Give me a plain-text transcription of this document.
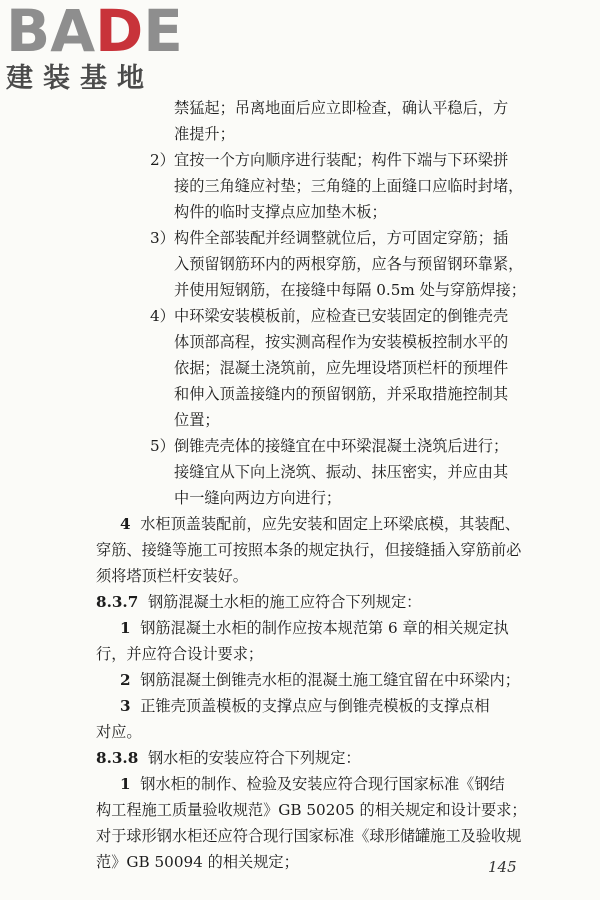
BADE
建装基地
禁猛起；吊离地面后应立即检查，确认平稳后，方
准提升；
2）宜按一个方向顺序进行装配；构件下端与下环梁拼
接的三角缝应衬垫；三角缝的上面缝口应临时封堵，
构件的临时支撑点应加垫木板；
3）构件全部装配并经调整就位后，方可固定穿筋；插
入预留钢筋环内的两根穿筋，应各与预留钢环靠紧，
并使用短钢筋，在接缝中每隔 0.5m 处与穿筋焊接；
4）中环梁安装模板前，应检查已安装固定的倒锥壳壳
体顶部高程，按实测高程作为安装模板控制水平的
依据；混凝土浇筑前，应先埋设塔顶栏杆的预埋件
和伸入顶盖接缝内的预留钢筋，并采取措施控制其
位置；
5）倒锥壳壳体的接缝宜在中环梁混凝土浇筑后进行；
接缝宜从下向上浇筑、振动、抹压密实，并应由其
中一缝向两边方向进行；
4 水柜顶盖装配前，应先安装和固定上环梁底模，其装配、
穿筋、接缝等施工可按照本条的规定执行，但接缝插入穿筋前必
须将塔顶栏杆安装好。
8.3.7 钢筋混凝土水柜的施工应符合下列规定：
1 钢筋混凝土水柜的制作应按本规范第 6 章的相关规定执
行，并应符合设计要求；
2 钢筋混凝土倒锥壳水柜的混凝土施工缝宜留在中环梁内；
3 正锥壳顶盖模板的支撑点应与倒锥壳模板的支撑点相
对应。
8.3.8 钢水柜的安装应符合下列规定：
1 钢水柜的制作、检验及安装应符合现行国家标准《钢结
构工程施工质量验收规范》GB 50205 的相关规定和设计要求；
对于球形钢水柜还应符合现行国家标准《球形储罐施工及验收规
范》GB 50094 的相关规定；	145
